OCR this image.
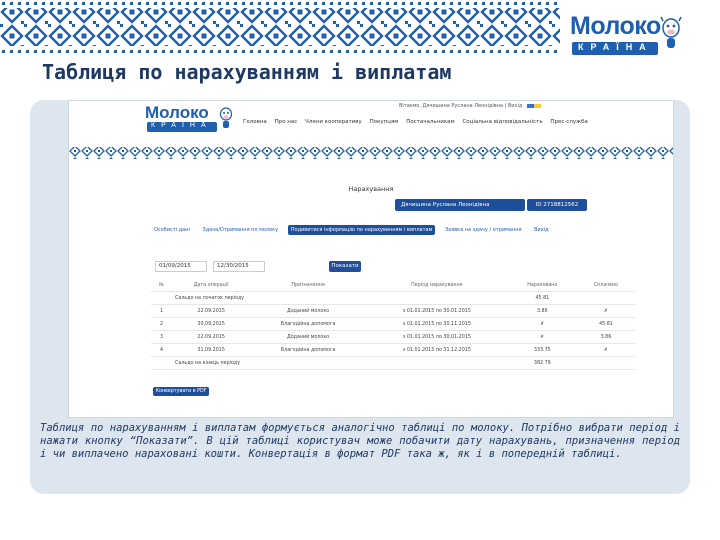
Молоко
КРАЇНА
Таблиця по нарахуванням і виплатам
Молоко
КРАЇНА
Вітаємо, Дячишина Руслана Леонідівна | Вихід
Головна Про нас Члени кооперативу Покупцям Постачальникам Соціальна відповідальність Прес-служба
Нарахування
Дячишина Руслана Леонідівна	ID 2718812562
Особисті дані	Здача/Отримання по молоку	Подивитися інформацію по нарахуванням і виплатам	Заявка на здачу / отримання	Вихід
01/09/2015	12/30/2015	Показати
№	Дата операції	Призначення	Період нарахування	Нараховано	Сплачено
	Сальдо на початок періоду			45.81	
1	22.09.2015	Доданий молоко	з 01.01.2015 по 30.01.2015	3.86	✗
2	30.09.2015	Благодійна допомога	з 01.01.2015 по 30.11.2015	✗	45.81
3	22.09.2015	Доданий молоко	з 01.01.2015 по 30.01.2015	✗	3.86
4	31.09.2015	Благодійна допомога	з 01.01.2015 по 31.12.2015	333.75	✗
	Сальдо на кінець періоду			382.79	
Конвертувати в PDF

Таблиця по нарахуванням і виплатам формується аналогічно таблиці по молоку. Потрібно вибрати період і нажати кнопку “Показати”. В цій таблиці користувач може побачити дату нарахувань, призначення період і чи виплачено нараховані кошти. Конвертація в формат PDF така ж, як і в попередній таблиці.
